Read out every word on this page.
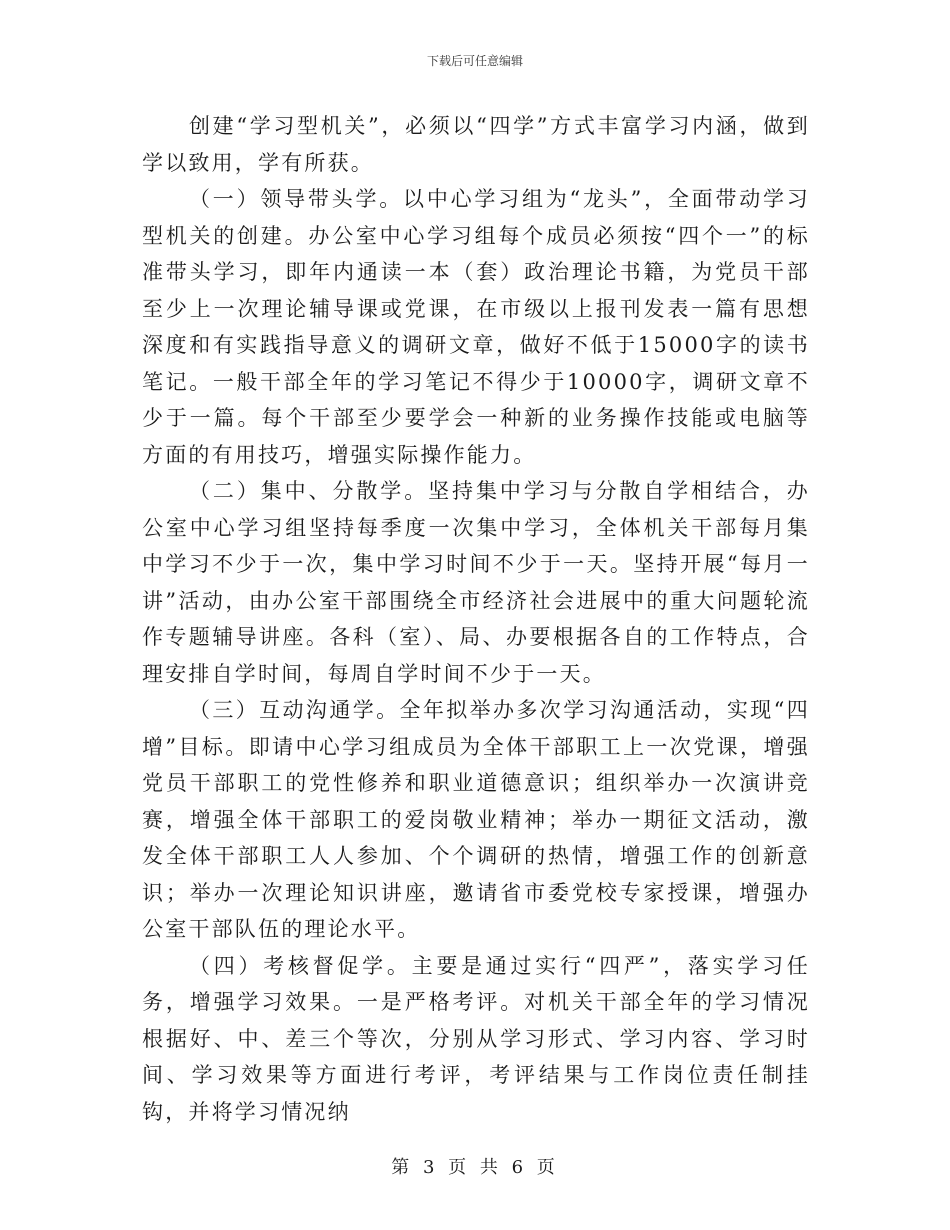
下载后可任意编辑

创建“学习型机关”，必须以“四学”方式丰富学习内涵，做到学以致用，学有所获。

（一）领导带头学。以中心学习组为“龙头”，全面带动学习型机关的创建。办公室中心学习组每个成员必须按“四个一”的标准带头学习，即年内通读一本（套）政治理论书籍，为党员干部至少上一次理论辅导课或党课，在市级以上报刊发表一篇有思想深度和有实践指导意义的调研文章，做好不低于15000字的读书笔记。一般干部全年的学习笔记不得少于10000字，调研文章不少于一篇。每个干部至少要学会一种新的业务操作技能或电脑等方面的有用技巧，增强实际操作能力。

（二）集中、分散学。坚持集中学习与分散自学相结合，办公室中心学习组坚持每季度一次集中学习，全体机关干部每月集中学习不少于一次，集中学习时间不少于一天。坚持开展“每月一讲”活动，由办公室干部围绕全市经济社会进展中的重大问题轮流作专题辅导讲座。各科（室）、局、办要根据各自的工作特点，合理安排自学时间，每周自学时间不少于一天。

（三）互动沟通学。全年拟举办多次学习沟通活动，实现“四增”目标。即请中心学习组成员为全体干部职工上一次党课，增强党员干部职工的党性修养和职业道德意识；组织举办一次演讲竞赛，增强全体干部职工的爱岗敬业精神；举办一期征文活动，激发全体干部职工人人参加、个个调研的热情，增强工作的创新意识；举办一次理论知识讲座，邀请省市委党校专家授课，增强办公室干部队伍的理论水平。

（四）考核督促学。主要是通过实行“四严”，落实学习任务，增强学习效果。一是严格考评。对机关干部全年的学习情况根据好、中、差三个等次，分别从学习形式、学习内容、学习时间、学习效果等方面进行考评，考评结果与工作岗位责任制挂钩，并将学习情况纳

第 3 页 共 6 页
